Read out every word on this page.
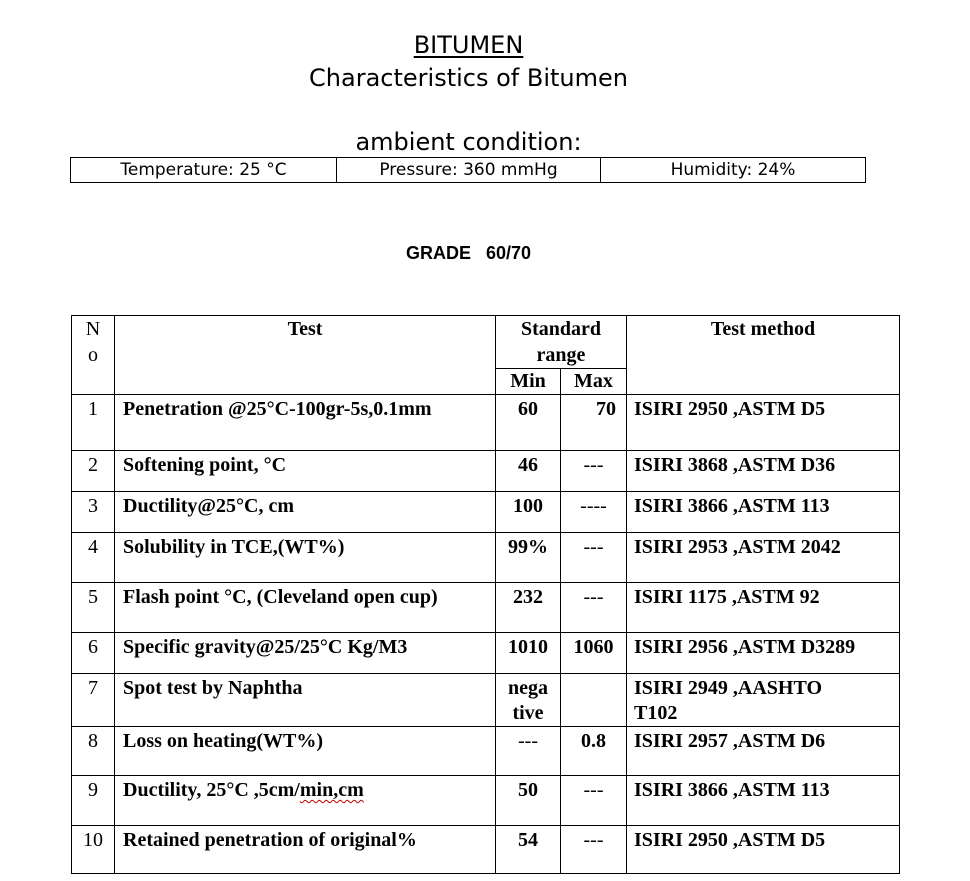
BITUMEN
Characteristics of Bitumen
ambient condition:
Temperature: 25 °C	Pressure: 360 mmHg	Humidity: 24%
GRADE 60/70
N o	Test	Standard range		Test method
		Min	Max	
1	Penetration @25°C-100gr-5s,0.1mm	60	70	ISIRI 2950 ,ASTM D5
2	Softening point, °C	46	---	ISIRI 3868 ,ASTM D36
3	Ductility@25°C, cm	100	----	ISIRI 3866 ,ASTM 113
4	Solubility in TCE,(WT%)	99%	---	ISIRI 2953 ,ASTM 2042
5	Flash point °C, (Cleveland open cup)	232	---	ISIRI 1175 ,ASTM 92
6	Specific gravity@25/25°C Kg/M3	1010	1060	ISIRI 2956 ,ASTM D3289
7	Spot test by Naphtha	nega tive		ISIRI 2949 ,AASHTO T102
8	Loss on heating(WT%)	---	0.8	ISIRI 2957 ,ASTM D6
9	Ductility, 25°C ,5cm/min,cm	50	---	ISIRI 3866 ,ASTM 113
10	Retained penetration of original%	54	---	ISIRI 2950 ,ASTM D5
